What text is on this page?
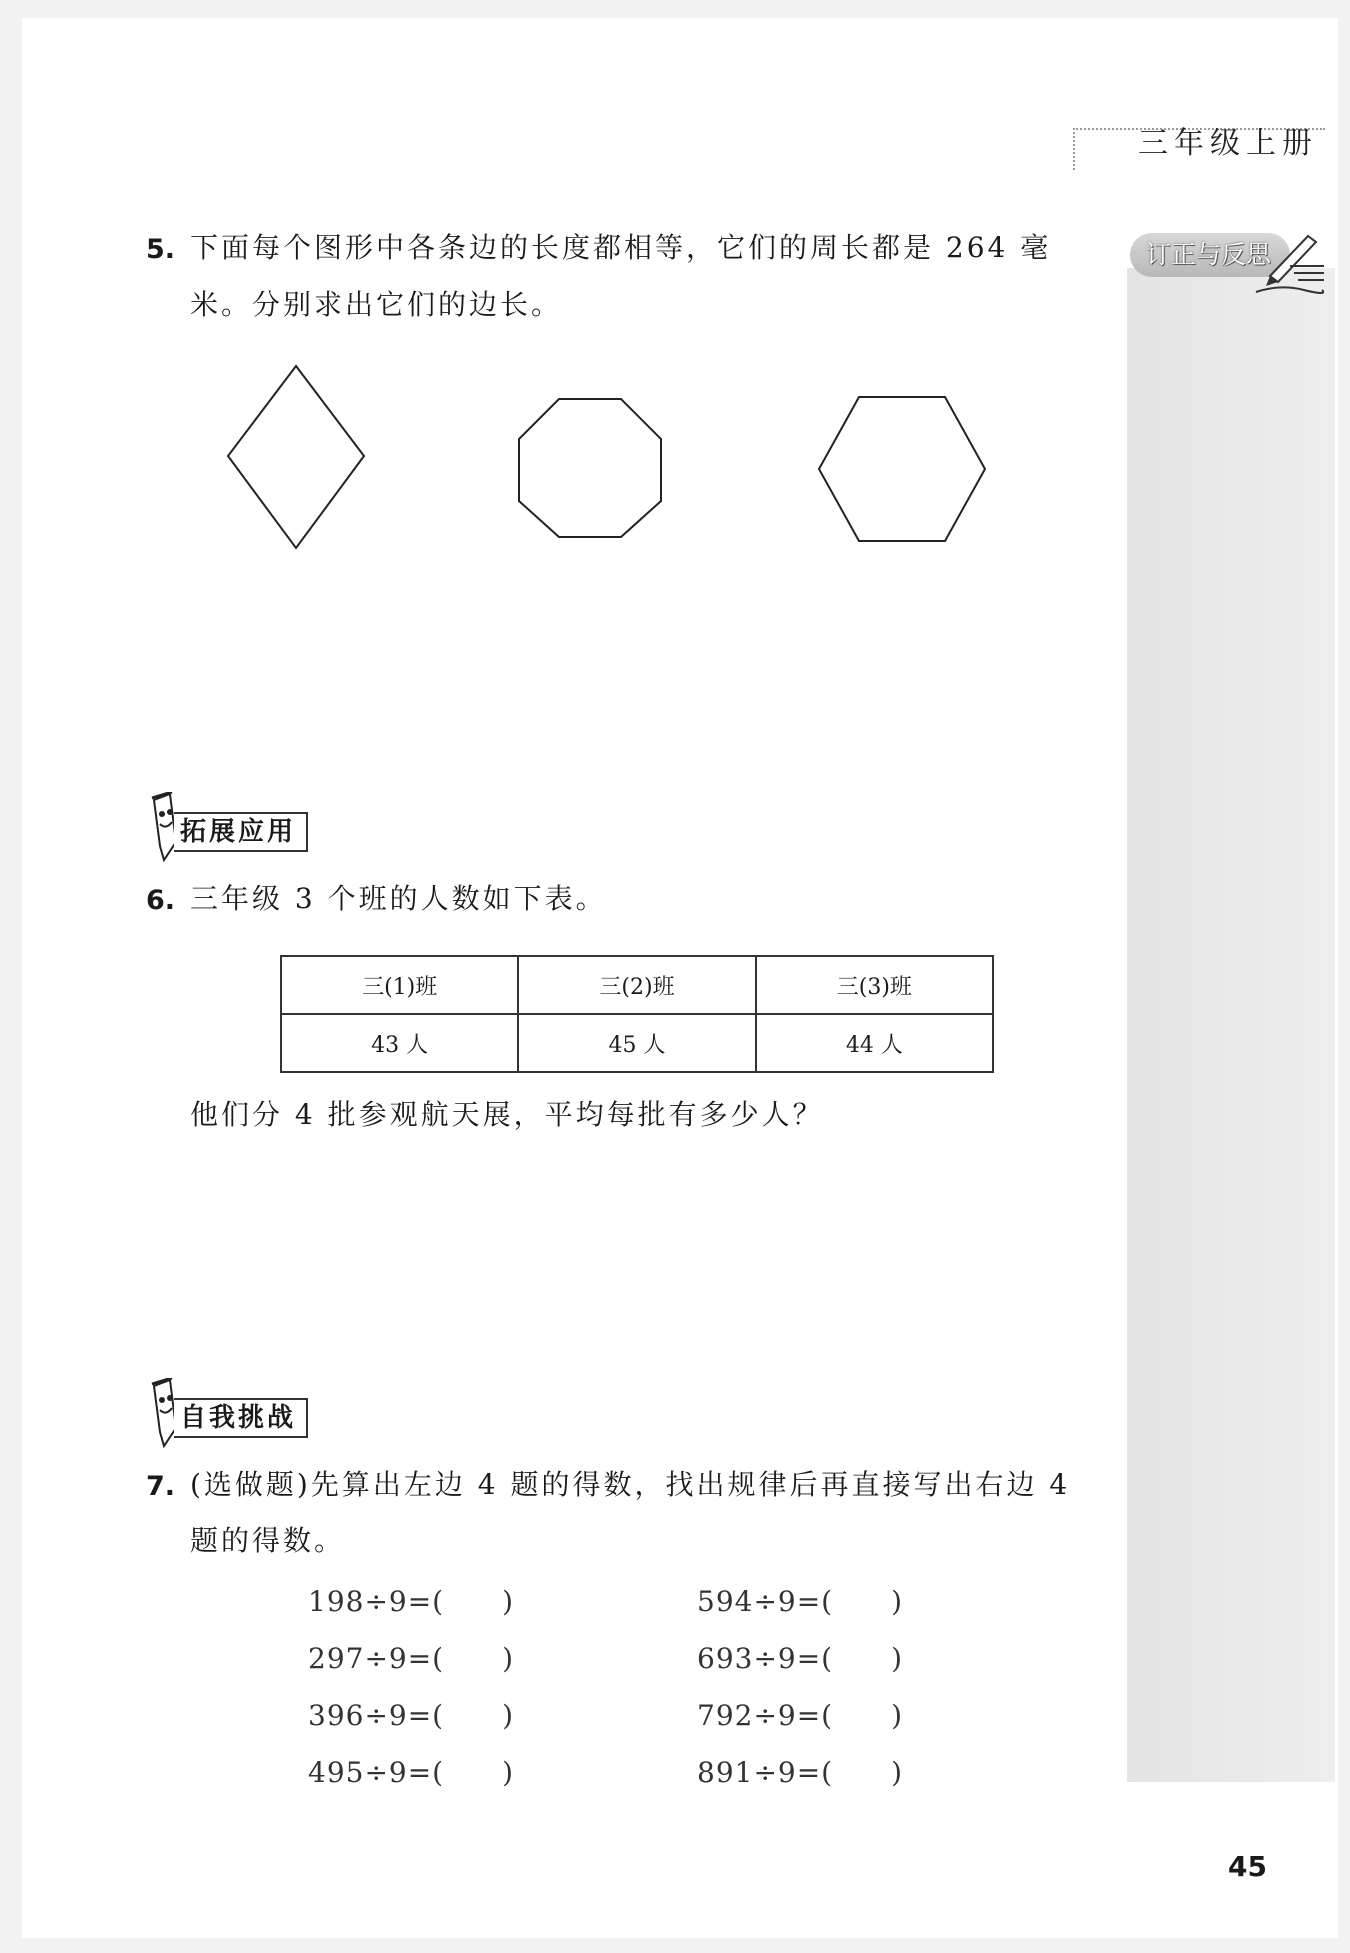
三年级上册
订正与反思
5. 下面每个图形中各条边的长度都相等，它们的周长都是 264 毫
米。分别求出它们的边长。
拓展应用
6. 三年级 3 个班的人数如下表。
三(1)班	三(2)班	三(3)班
43 人	45 人	44 人
他们分 4 批参观航天展，平均每批有多少人？
自我挑战
7. (选做题)先算出左边 4 题的得数，找出规律后再直接写出右边 4
题的得数。
198÷9=(　　)
297÷9=(　　)
396÷9=(　　)
495÷9=(　　)
594÷9=(　　)
693÷9=(　　)
792÷9=(　　)
891÷9=(　　)
45
